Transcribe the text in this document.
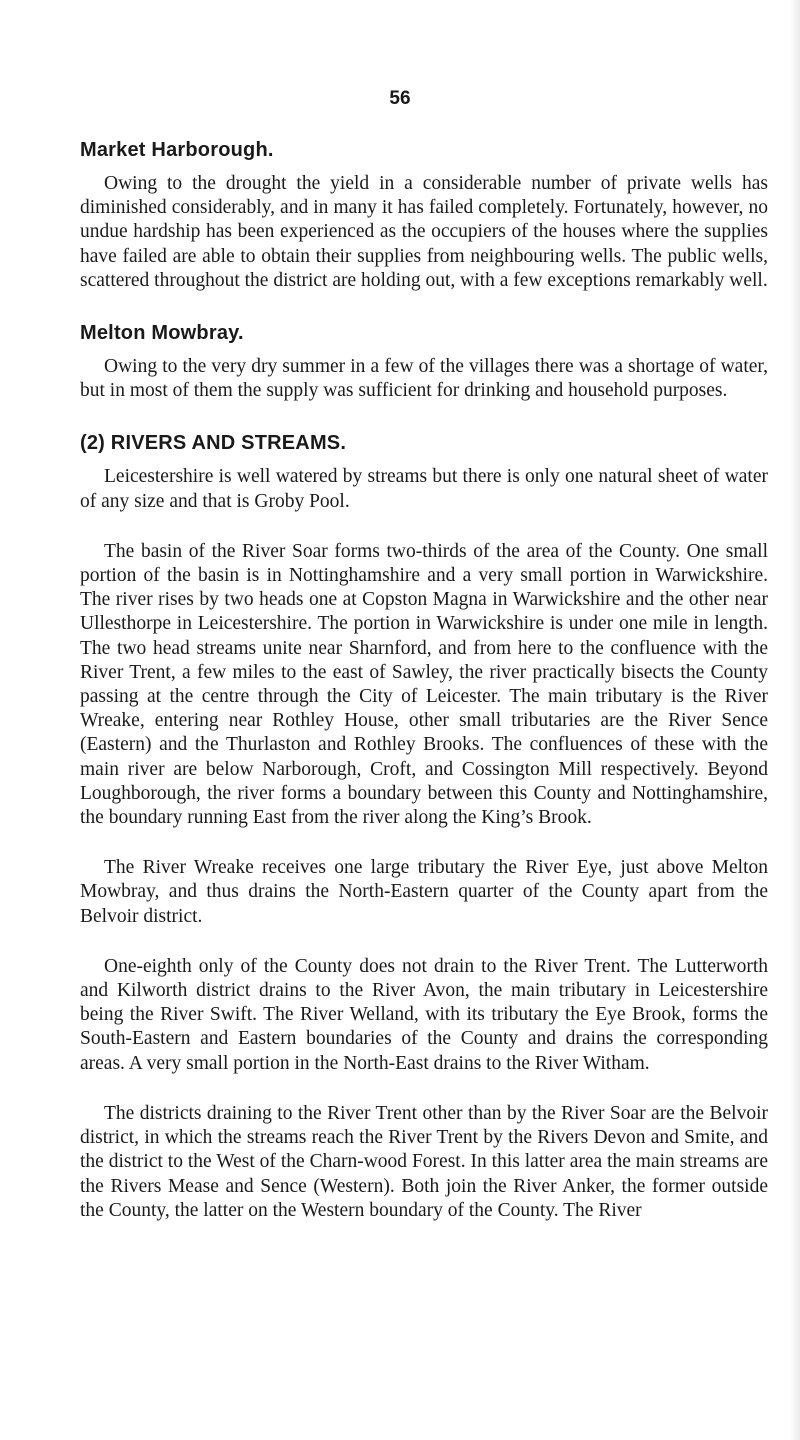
56
Market Harborough.

Owing to the drought the yield in a considerable number of private wells has diminished considerably, and in many it has failed completely. Fortunately, however, no undue hardship has been experienced as the occupiers of the houses where the supplies have failed are able to obtain their supplies from neighbouring wells. The public wells, scattered throughout the district are holding out, with a few exceptions remarkably well.

Melton Mowbray.

Owing to the very dry summer in a few of the villages there was a shortage of water, but in most of them the supply was sufficient for drinking and household purposes.

(2) RIVERS AND STREAMS.

Leicestershire is well watered by streams but there is only one natural sheet of water of any size and that is Groby Pool.

The basin of the River Soar forms two-thirds of the area of the County. One small portion of the basin is in Nottinghamshire and a very small portion in Warwickshire. The river rises by two heads one at Copston Magna in Warwickshire and the other near Ullesthorpe in Leicestershire. The portion in Warwickshire is under one mile in length. The two head streams unite near Sharnford, and from here to the confluence with the River Trent, a few miles to the east of Sawley, the river practically bisects the County passing at the centre through the City of Leicester. The main tributary is the River Wreake, entering near Rothley House, other small tributaries are the River Sence (Eastern) and the Thurlaston and Rothley Brooks. The confluences of these with the main river are below Narborough, Croft, and Cossington Mill respectively. Beyond Loughborough, the river forms a boundary between this County and Nottinghamshire, the boundary running East from the river along the King’s Brook.

The River Wreake receives one large tributary the River Eye, just above Melton Mowbray, and thus drains the North-Eastern quarter of the County apart from the Belvoir district.

One-eighth only of the County does not drain to the River Trent. The Lutterworth and Kilworth district drains to the River Avon, the main tributary in Leicestershire being the River Swift. The River Welland, with its tributary the Eye Brook, forms the South-Eastern and Eastern boundaries of the County and drains the corresponding areas. A very small portion in the North-East drains to the River Witham.

The districts draining to the River Trent other than by the River Soar are the Belvoir district, in which the streams reach the River Trent by the Rivers Devon and Smite, and the district to the West of the Charn-wood Forest. In this latter area the main streams are the Rivers Mease and Sence (Western). Both join the River Anker, the former outside the County, the latter on the Western boundary of the County. The River
